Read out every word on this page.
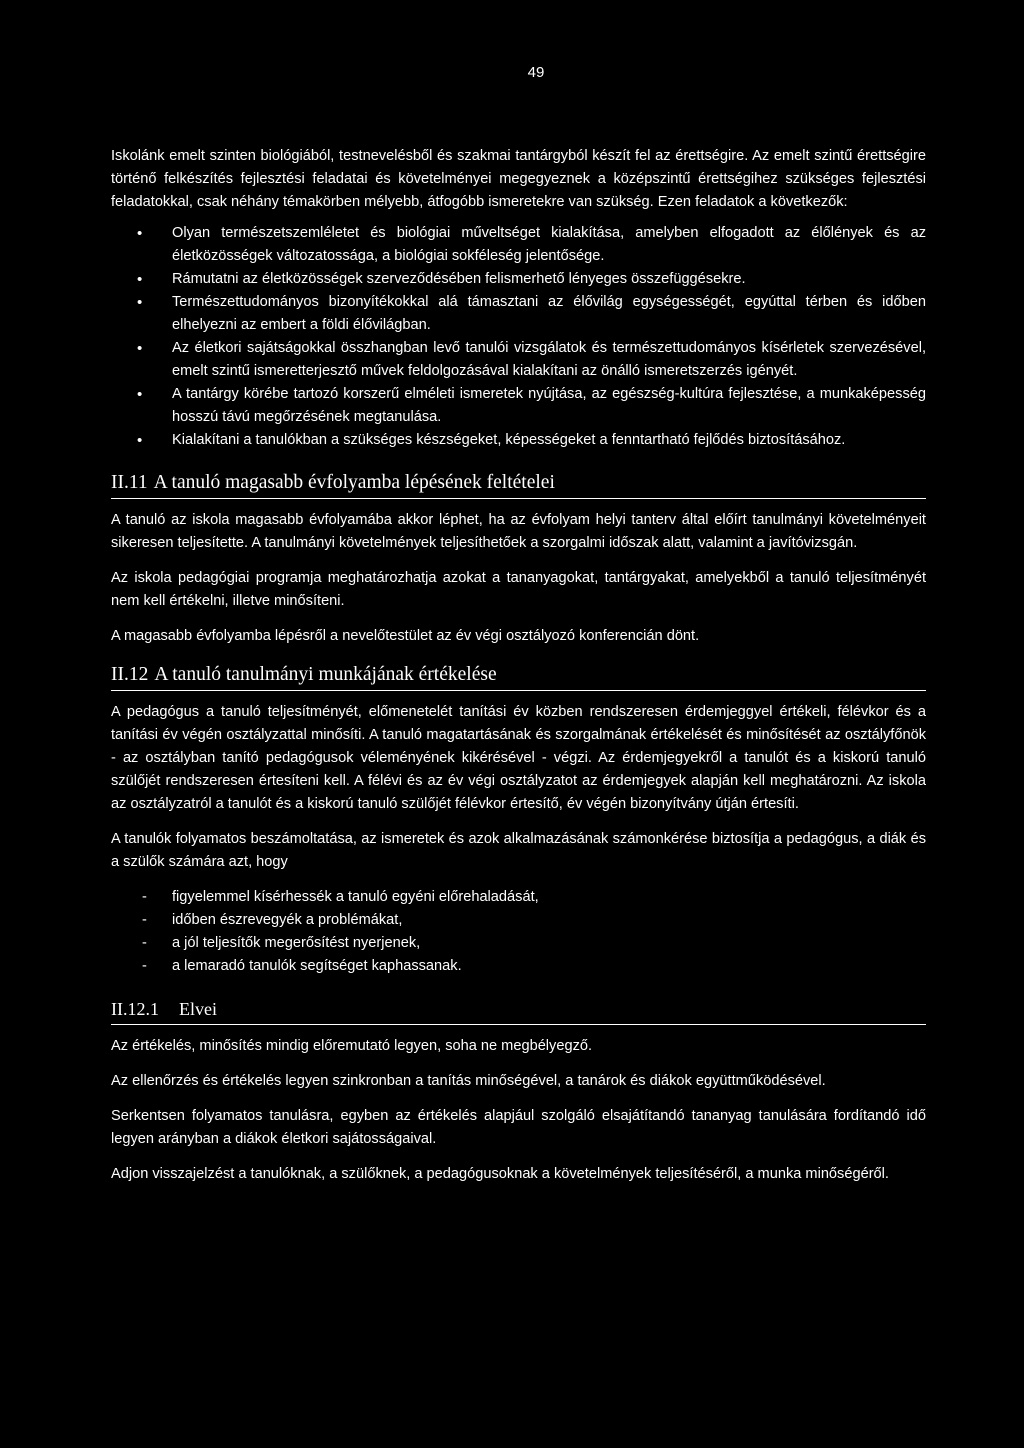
49

Iskolánk emelt szinten biológiából, testnevelésből és szakmai tantárgyból készít fel az érettségire. Az emelt szintű érettségire történő felkészítés fejlesztési feladatai és követelményei megegyeznek a középszintű érettségihez szükséges fejlesztési feladatokkal, csak néhány témakörben mélyebb, átfogóbb ismeretekre van szükség. Ezen feladatok a következők:

• Olyan természetszemléletet és biológiai műveltséget kialakítása, amelyben elfogadott az élőlények és az életközösségek változatossága, a biológiai sokféleség jelentősége.
• Rámutatni az életközösségek szerveződésében felismerhető lényeges összefüggésekre.
• Természettudományos bizonyítékokkal alá támasztani az élővilág egységességét, egyúttal térben és időben elhelyezni az embert a földi élővilágban.
• Az életkori sajátságokkal összhangban levő tanulói vizsgálatok és természettudományos kísérletek szervezésével, emelt szintű ismeretterjesztő művek feldolgozásával kialakítani az önálló ismeretszerzés igényét.
• A tantárgy körébe tartozó korszerű elméleti ismeretek nyújtása, az egészség-kultúra fejlesztése, a munkaképesség hosszú távú megőrzésének megtanulása.
• Kialakítani a tanulókban a szükséges készségeket, képességeket a fenntartható fejlődés biztosításához.
II.11 A tanuló magasabb évfolyamba lépésének feltételei

A tanuló az iskola magasabb évfolyamába akkor léphet, ha az évfolyam helyi tanterv által előírt tanulmányi követelményeit sikeresen teljesítette. A tanulmányi követelmények teljesíthetőek a szorgalmi időszak alatt, valamint a javítóvizsgán.

Az iskola pedagógiai programja meghatározhatja azokat a tananyagokat, tantárgyakat, amelyekből a tanuló teljesítményét nem kell értékelni, illetve minősíteni.

A magasabb évfolyamba lépésről a nevelőtestület az év végi osztályozó konferencián dönt.

II.12 A tanuló tanulmányi munkájának értékelése

A pedagógus a tanuló teljesítményét, előmenetelét tanítási év közben rendszeresen érdemjeggyel értékeli, félévkor és a tanítási év végén osztályzattal minősíti. A tanuló magatartásának és szorgalmának értékelését és minősítését az osztályfőnök - az osztályban tanító pedagógusok véleményének kikérésével - végzi. Az érdemjegyekről a tanulót és a kiskorú tanuló szülőjét rendszeresen értesíteni kell. A félévi és az év végi osztályzatot az érdemjegyek alapján kell meghatározni. Az iskola az osztályzatról a tanulót és a kiskorú tanuló szülőjét félévkor értesítő, év végén bizonyítvány útján értesíti.

A tanulók folyamatos beszámoltatása, az ismeretek és azok alkalmazásának számonkérése biztosítja a pedagógus, a diák és a szülők számára azt, hogy

- figyelemmel kísérhessék a tanuló egyéni előrehaladását,
- időben észrevegyék a problémákat,
- a jól teljesítők megerősítést nyerjenek,
- a lemaradó tanulók segítséget kaphassanak.
II.12.1 Elvei

Az értékelés, minősítés mindig előremutató legyen, soha ne megbélyegző.

Az ellenőrzés és értékelés legyen szinkronban a tanítás minőségével, a tanárok és diákok együttműködésével.

Serkentsen folyamatos tanulásra, egyben az értékelés alapjául szolgáló elsajátítandó tananyag tanulására fordítandó idő legyen arányban a diákok életkori sajátosságaival.

Adjon visszajelzést a tanulóknak, a szülőknek, a pedagógusoknak a követelmények teljesítéséről, a munka minőségéről.
